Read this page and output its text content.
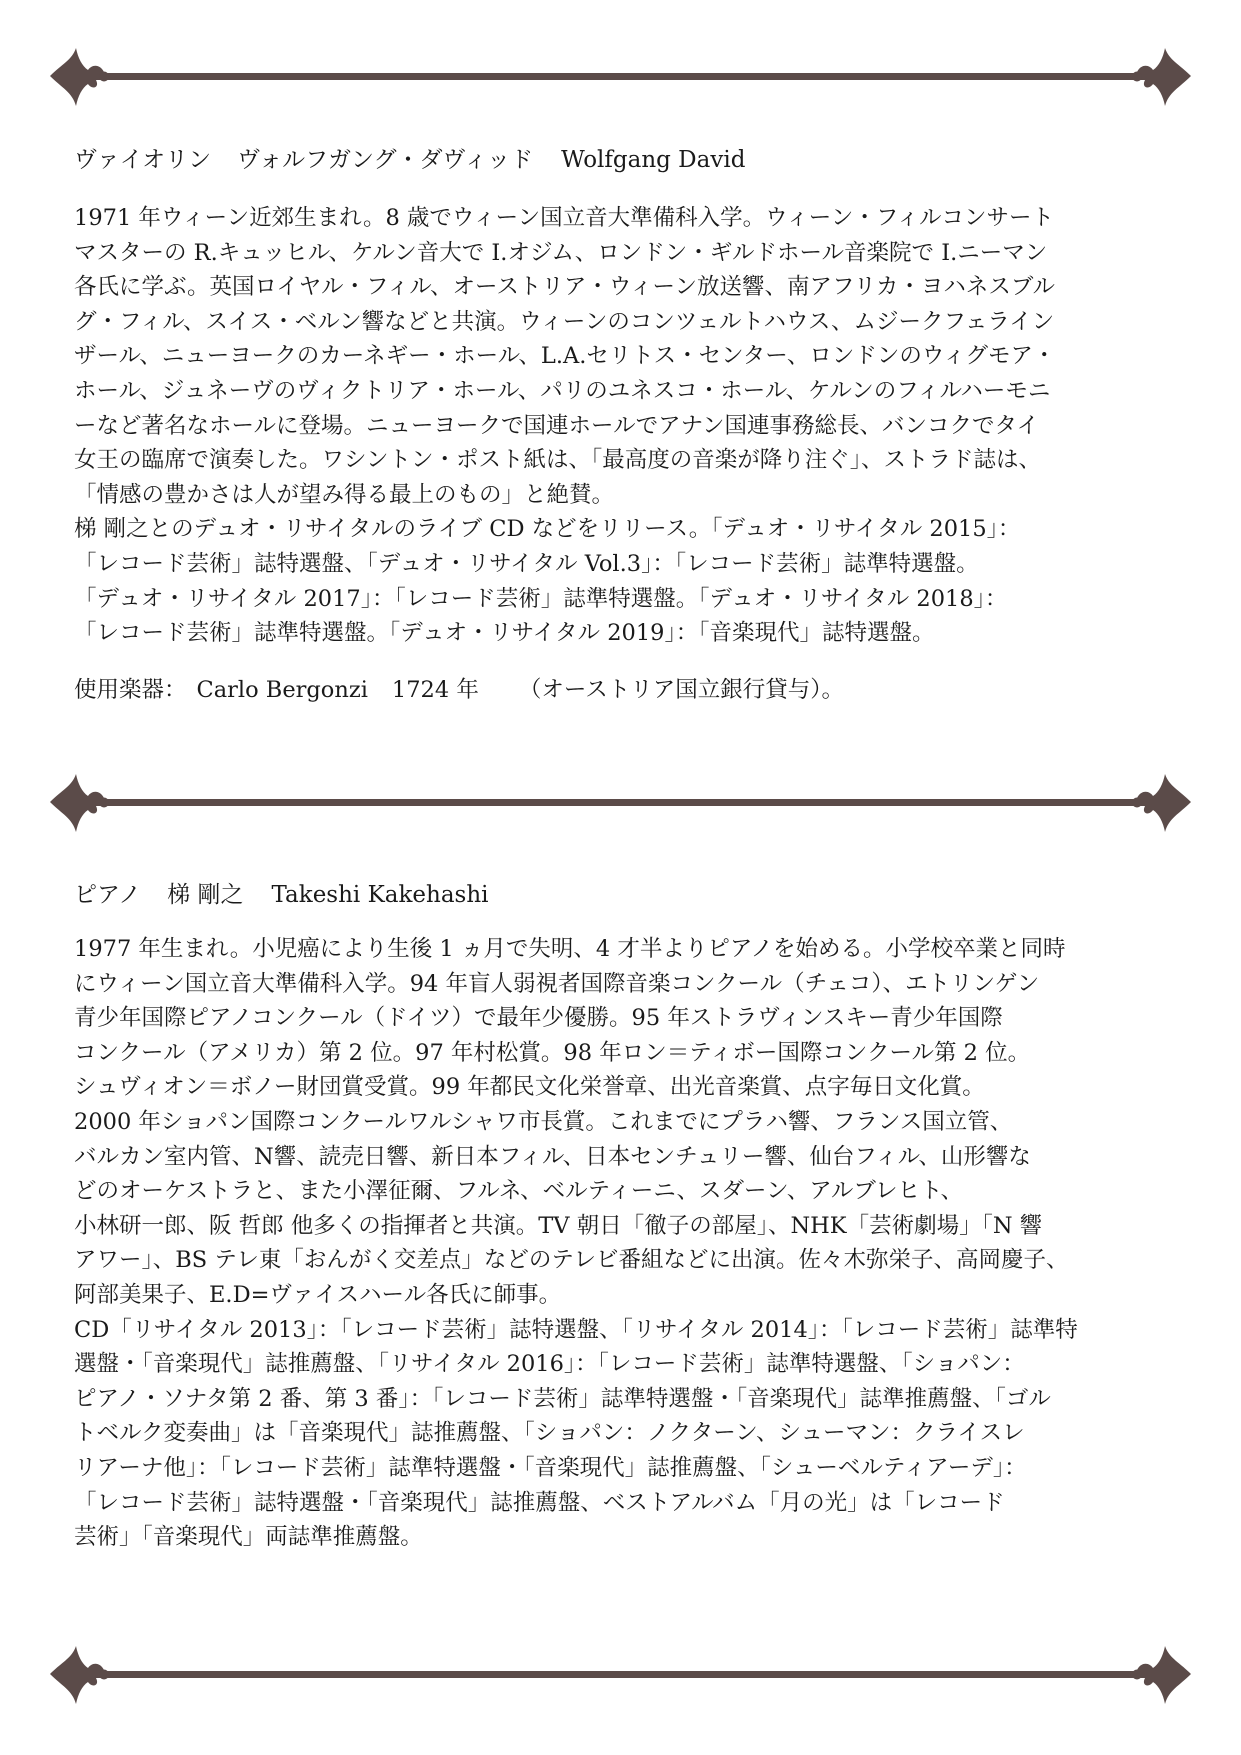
ヴァイオリン ヴォルフガング・ダヴィッド Wolfgang David

1971 年ウィーン近郊生まれ。8 歳でウィーン国立音大準備科入学。ウィーン・フィルコンサート
マスターの R.キュッヒル、ケルン音大で I.オジム、ロンドン・ギルドホール音楽院で I.ニーマン
各氏に学ぶ。英国ロイヤル・フィル、オーストリア・ウィーン放送響、南アフリカ・ヨハネスブル
グ・フィル、スイス・ベルン響などと共演。ウィーンのコンツェルトハウス、ムジークフェライン
ザール、ニューヨークのカーネギー・ホール、L.A.セリトス・センター、ロンドンのウィグモア・
ホール、ジュネーヴのヴィクトリア・ホール、パリのユネスコ・ホール、ケルンのフィルハーモニ
ーなど著名なホールに登場。ニューヨークで国連ホールでアナン国連事務総長、バンコクでタイ
女王の臨席で演奏した。ワシントン・ポスト紙は、「最高度の音楽が降り注ぐ」、ストラド誌は、
「情感の豊かさは人が望み得る最上のもの」と絶賛。

梯 剛之とのデュオ・リサイタルのライブ CD などをリリース。「デュオ・リサイタル 2015」：
「レコード芸術」誌特選盤、「デュオ・リサイタル Vol.3」：「レコード芸術」誌準特選盤。
「デュオ・リサイタル 2017」：「レコード芸術」誌準特選盤。「デュオ・リサイタル 2018」：
「レコード芸術」誌準特選盤。「デュオ・リサイタル 2019」：「音楽現代」誌特選盤。

使用楽器： Carlo Bergonzi 1724 年 （オーストリア国立銀行貸与）。
ピアノ 梯 剛之 Takeshi Kakehashi

1977 年生まれ。小児癌により生後 1 ヵ月で失明、4 才半よりピアノを始める。小学校卒業と同時
にウィーン国立音大準備科入学。94 年盲人弱視者国際音楽コンクール（チェコ）、エトリンゲン
青少年国際ピアノコンクール（ドイツ）で最年少優勝。95 年ストラヴィンスキー青少年国際
コンクール（アメリカ）第 2 位。97 年村松賞。98 年ロン＝ティボー国際コンクール第 2 位。
シュヴィオン＝ボノー財団賞受賞。99 年都民文化栄誉章、出光音楽賞、点字毎日文化賞。
2000 年ショパン国際コンクールワルシャワ市長賞。これまでにプラハ響、フランス国立管、
バルカン室内管、N響、読売日響、新日本フィル、日本センチュリー響、仙台フィル、山形響な
どのオーケストラと、また小澤征爾、フルネ、ベルティーニ、スダーン、アルブレヒト、
小林研一郎、阪 哲郎 他多くの指揮者と共演。TV 朝日「徹子の部屋」、NHK「芸術劇場」「N 響
アワー」、BS テレ東「おんがく交差点」などのテレビ番組などに出演。佐々木弥栄子、高岡慶子、
阿部美果子、E.D=ヴァイスハール各氏に師事。

CD「リサイタル 2013」：「レコード芸術」誌特選盤、「リサイタル 2014」：「レコード芸術」誌準特
選盤・「音楽現代」誌推薦盤、「リサイタル 2016」：「レコード芸術」誌準特選盤、「ショパン：
ピアノ・ソナタ第 2 番、第 3 番」：「レコード芸術」誌準特選盤・「音楽現代」誌準推薦盤、「ゴル
トベルク変奏曲」は「音楽現代」誌推薦盤、「ショパン：ノクターン、シューマン：クライスレ
リアーナ他」：「レコード芸術」誌準特選盤・「音楽現代」誌推薦盤、「シューベルティアーデ」：
「レコード芸術」誌特選盤・「音楽現代」誌推薦盤、ベストアルバム「月の光」は「レコード
芸術」「音楽現代」両誌準推薦盤。
